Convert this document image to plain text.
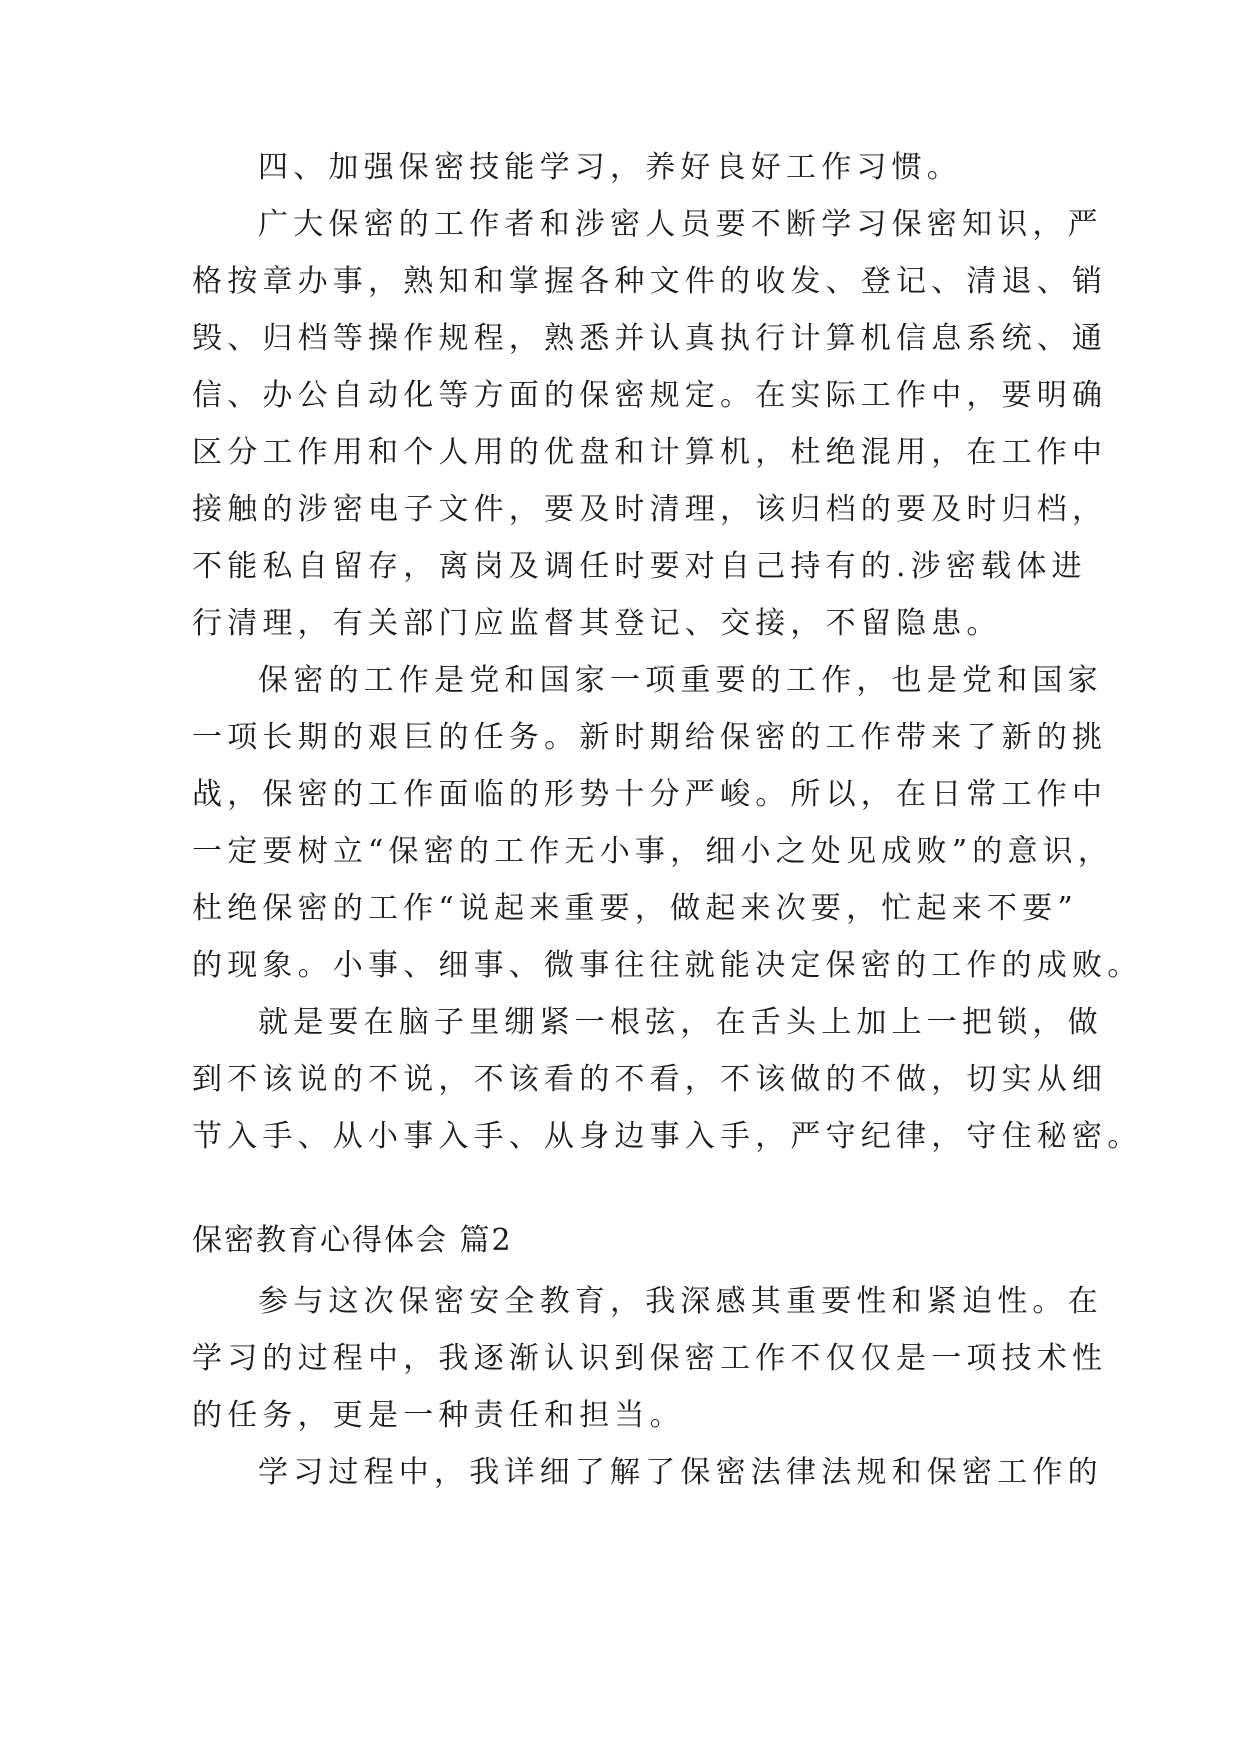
四、加强保密技能学习，养好良好工作习惯。
广大保密的工作者和涉密人员要不断学习保密知识，严
格按章办事，熟知和掌握各种文件的收发、登记、清退、销
毁、归档等操作规程，熟悉并认真执行计算机信息系统、通
信、办公自动化等方面的保密规定。在实际工作中，要明确
区分工作用和个人用的优盘和计算机，杜绝混用，在工作中
接触的涉密电子文件，要及时清理，该归档的要及时归档，
不能私自留存，离岗及调任时要对自己持有的.涉密载体进
行清理，有关部门应监督其登记、交接，不留隐患。
保密的工作是党和国家一项重要的工作，也是党和国家
一项长期的艰巨的任务。新时期给保密的工作带来了新的挑
战，保密的工作面临的形势十分严峻。所以，在日常工作中
一定要树立“保密的工作无小事，细小之处见成败”的意识，
杜绝保密的工作“说起来重要，做起来次要，忙起来不要”
的现象。小事、细事、微事往往就能决定保密的工作的成败。
就是要在脑子里绷紧一根弦，在舌头上加上一把锁，做
到不该说的不说，不该看的不看，不该做的不做，切实从细
节入手、从小事入手、从身边事入手，严守纪律，守住秘密。
保密教育心得体会 篇2
参与这次保密安全教育，我深感其重要性和紧迫性。在
学习的过程中，我逐渐认识到保密工作不仅仅是一项技术性
的任务，更是一种责任和担当。
学习过程中，我详细了解了保密法律法规和保密工作的
